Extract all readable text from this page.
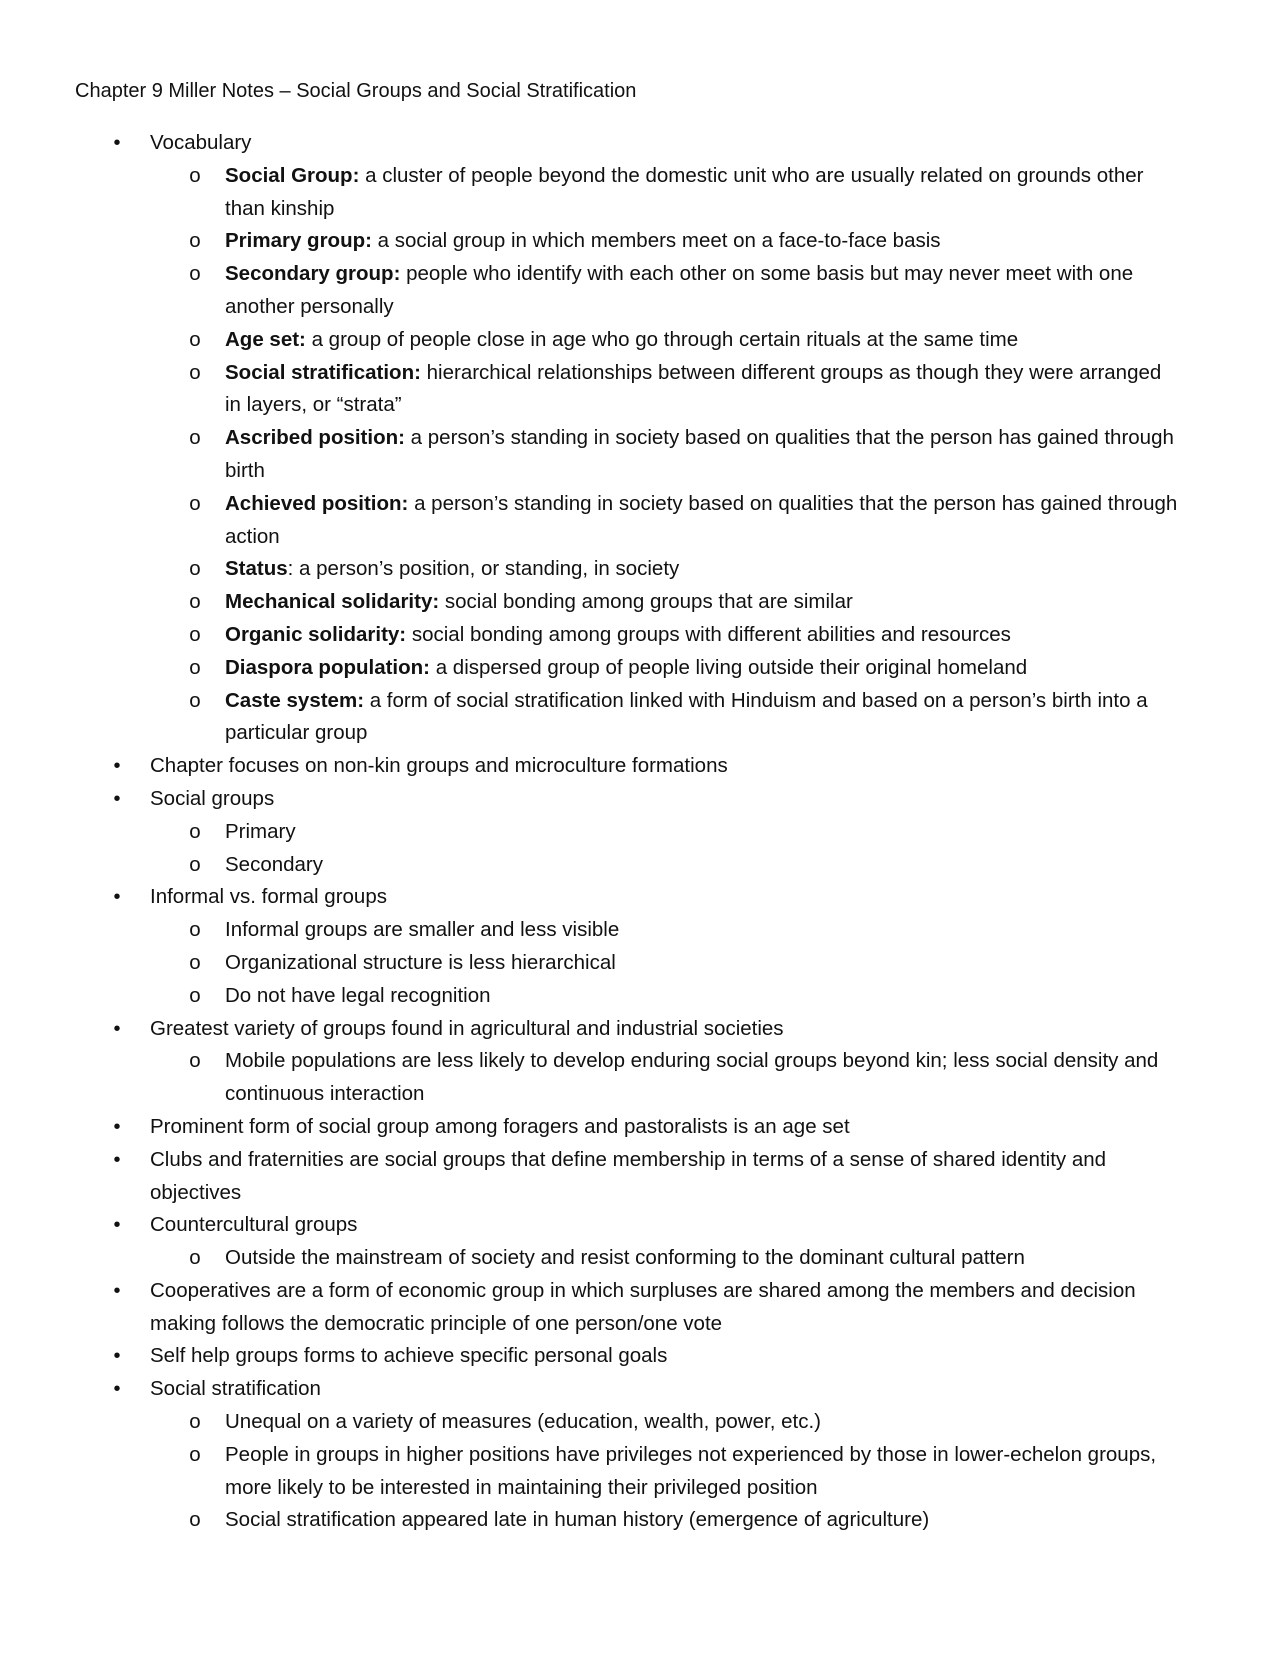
Chapter 9 Miller Notes – Social Groups and Social Stratification
• Vocabulary
o Social Group: a cluster of people beyond the domestic unit who are usually related on grounds other than kinship
o Primary group: a social group in which members meet on a face-to-face basis
o Secondary group: people who identify with each other on some basis but may never meet with one another personally
o Age set: a group of people close in age who go through certain rituals at the same time
o Social stratification: hierarchical relationships between different groups as though they were arranged in layers, or “strata”
o Ascribed position: a person’s standing in society based on qualities that the person has gained through birth
o Achieved position: a person’s standing in society based on qualities that the person has gained through action
o Status: a person’s position, or standing, in society
o Mechanical solidarity: social bonding among groups that are similar
o Organic solidarity: social bonding among groups with different abilities and resources
o Diaspora population: a dispersed group of people living outside their original homeland
o Caste system: a form of social stratification linked with Hinduism and based on a person’s birth into a particular group
• Chapter focuses on non-kin groups and microculture formations
• Social groups
o Primary
o Secondary
• Informal vs. formal groups
o Informal groups are smaller and less visible
o Organizational structure is less hierarchical
o Do not have legal recognition
• Greatest variety of groups found in agricultural and industrial societies
o Mobile populations are less likely to develop enduring social groups beyond kin; less social density and continuous interaction
• Prominent form of social group among foragers and pastoralists is an age set
• Clubs and fraternities are social groups that define membership in terms of a sense of shared identity and objectives
• Countercultural groups
o Outside the mainstream of society and resist conforming to the dominant cultural pattern
• Cooperatives are a form of economic group in which surpluses are shared among the members and decision making follows the democratic principle of one person/one vote
• Self help groups forms to achieve specific personal goals
• Social stratification
o Unequal on a variety of measures (education, wealth, power, etc.)
o People in groups in higher positions have privileges not experienced by those in lower-echelon groups, more likely to be interested in maintaining their privileged position
o Social stratification appeared late in human history (emergence of agriculture)
